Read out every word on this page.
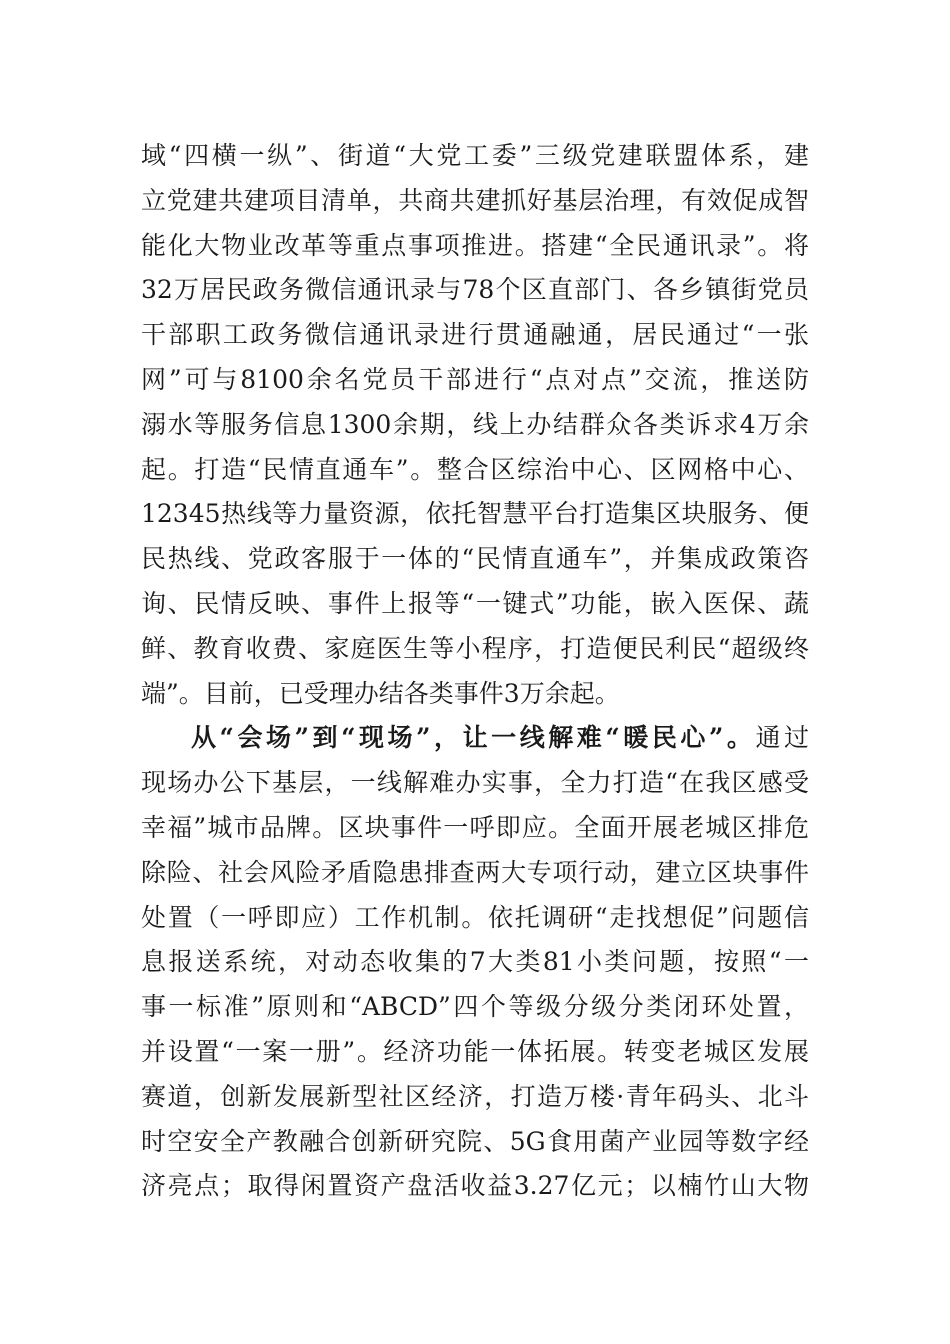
域“四横一纵”、街道“大党工委”三级党建联盟体系，建
立党建共建项目清单，共商共建抓好基层治理，有效促成智
能化大物业改革等重点事项推进。搭建“全民通讯录”。将
32万居民政务微信通讯录与78个区直部门、各乡镇街党员
干部职工政务微信通讯录进行贯通融通，居民通过“一张
网”可与8100余名党员干部进行“点对点”交流，推送防
溺水等服务信息1300余期，线上办结群众各类诉求4万余
起。打造“民情直通车”。整合区综治中心、区网格中心、
12345热线等力量资源，依托智慧平台打造集区块服务、便
民热线、党政客服于一体的“民情直通车”，并集成政策咨
询、民情反映、事件上报等“一键式”功能，嵌入医保、蔬
鲜、教育收费、家庭医生等小程序，打造便民利民“超级终
端”。目前，已受理办结各类事件3万余起。
从“会场”到“现场”，让一线解难“暖民心”。通过
现场办公下基层，一线解难办实事，全力打造“在我区感受
幸福”城市品牌。区块事件一呼即应。全面开展老城区排危
除险、社会风险矛盾隐患排查两大专项行动，建立区块事件
处置（一呼即应）工作机制。依托调研“走找想促”问题信
息报送系统，对动态收集的7大类81小类问题，按照“一
事一标准”原则和“ABCD”四个等级分级分类闭环处置，
并设置“一案一册”。经济功能一体拓展。转变老城区发展
赛道，创新发展新型社区经济，打造万楼·青年码头、北斗
时空安全产教融合创新研究院、5G食用菌产业园等数字经
济亮点；取得闲置资产盘活收益3.27亿元；以楠竹山大物
